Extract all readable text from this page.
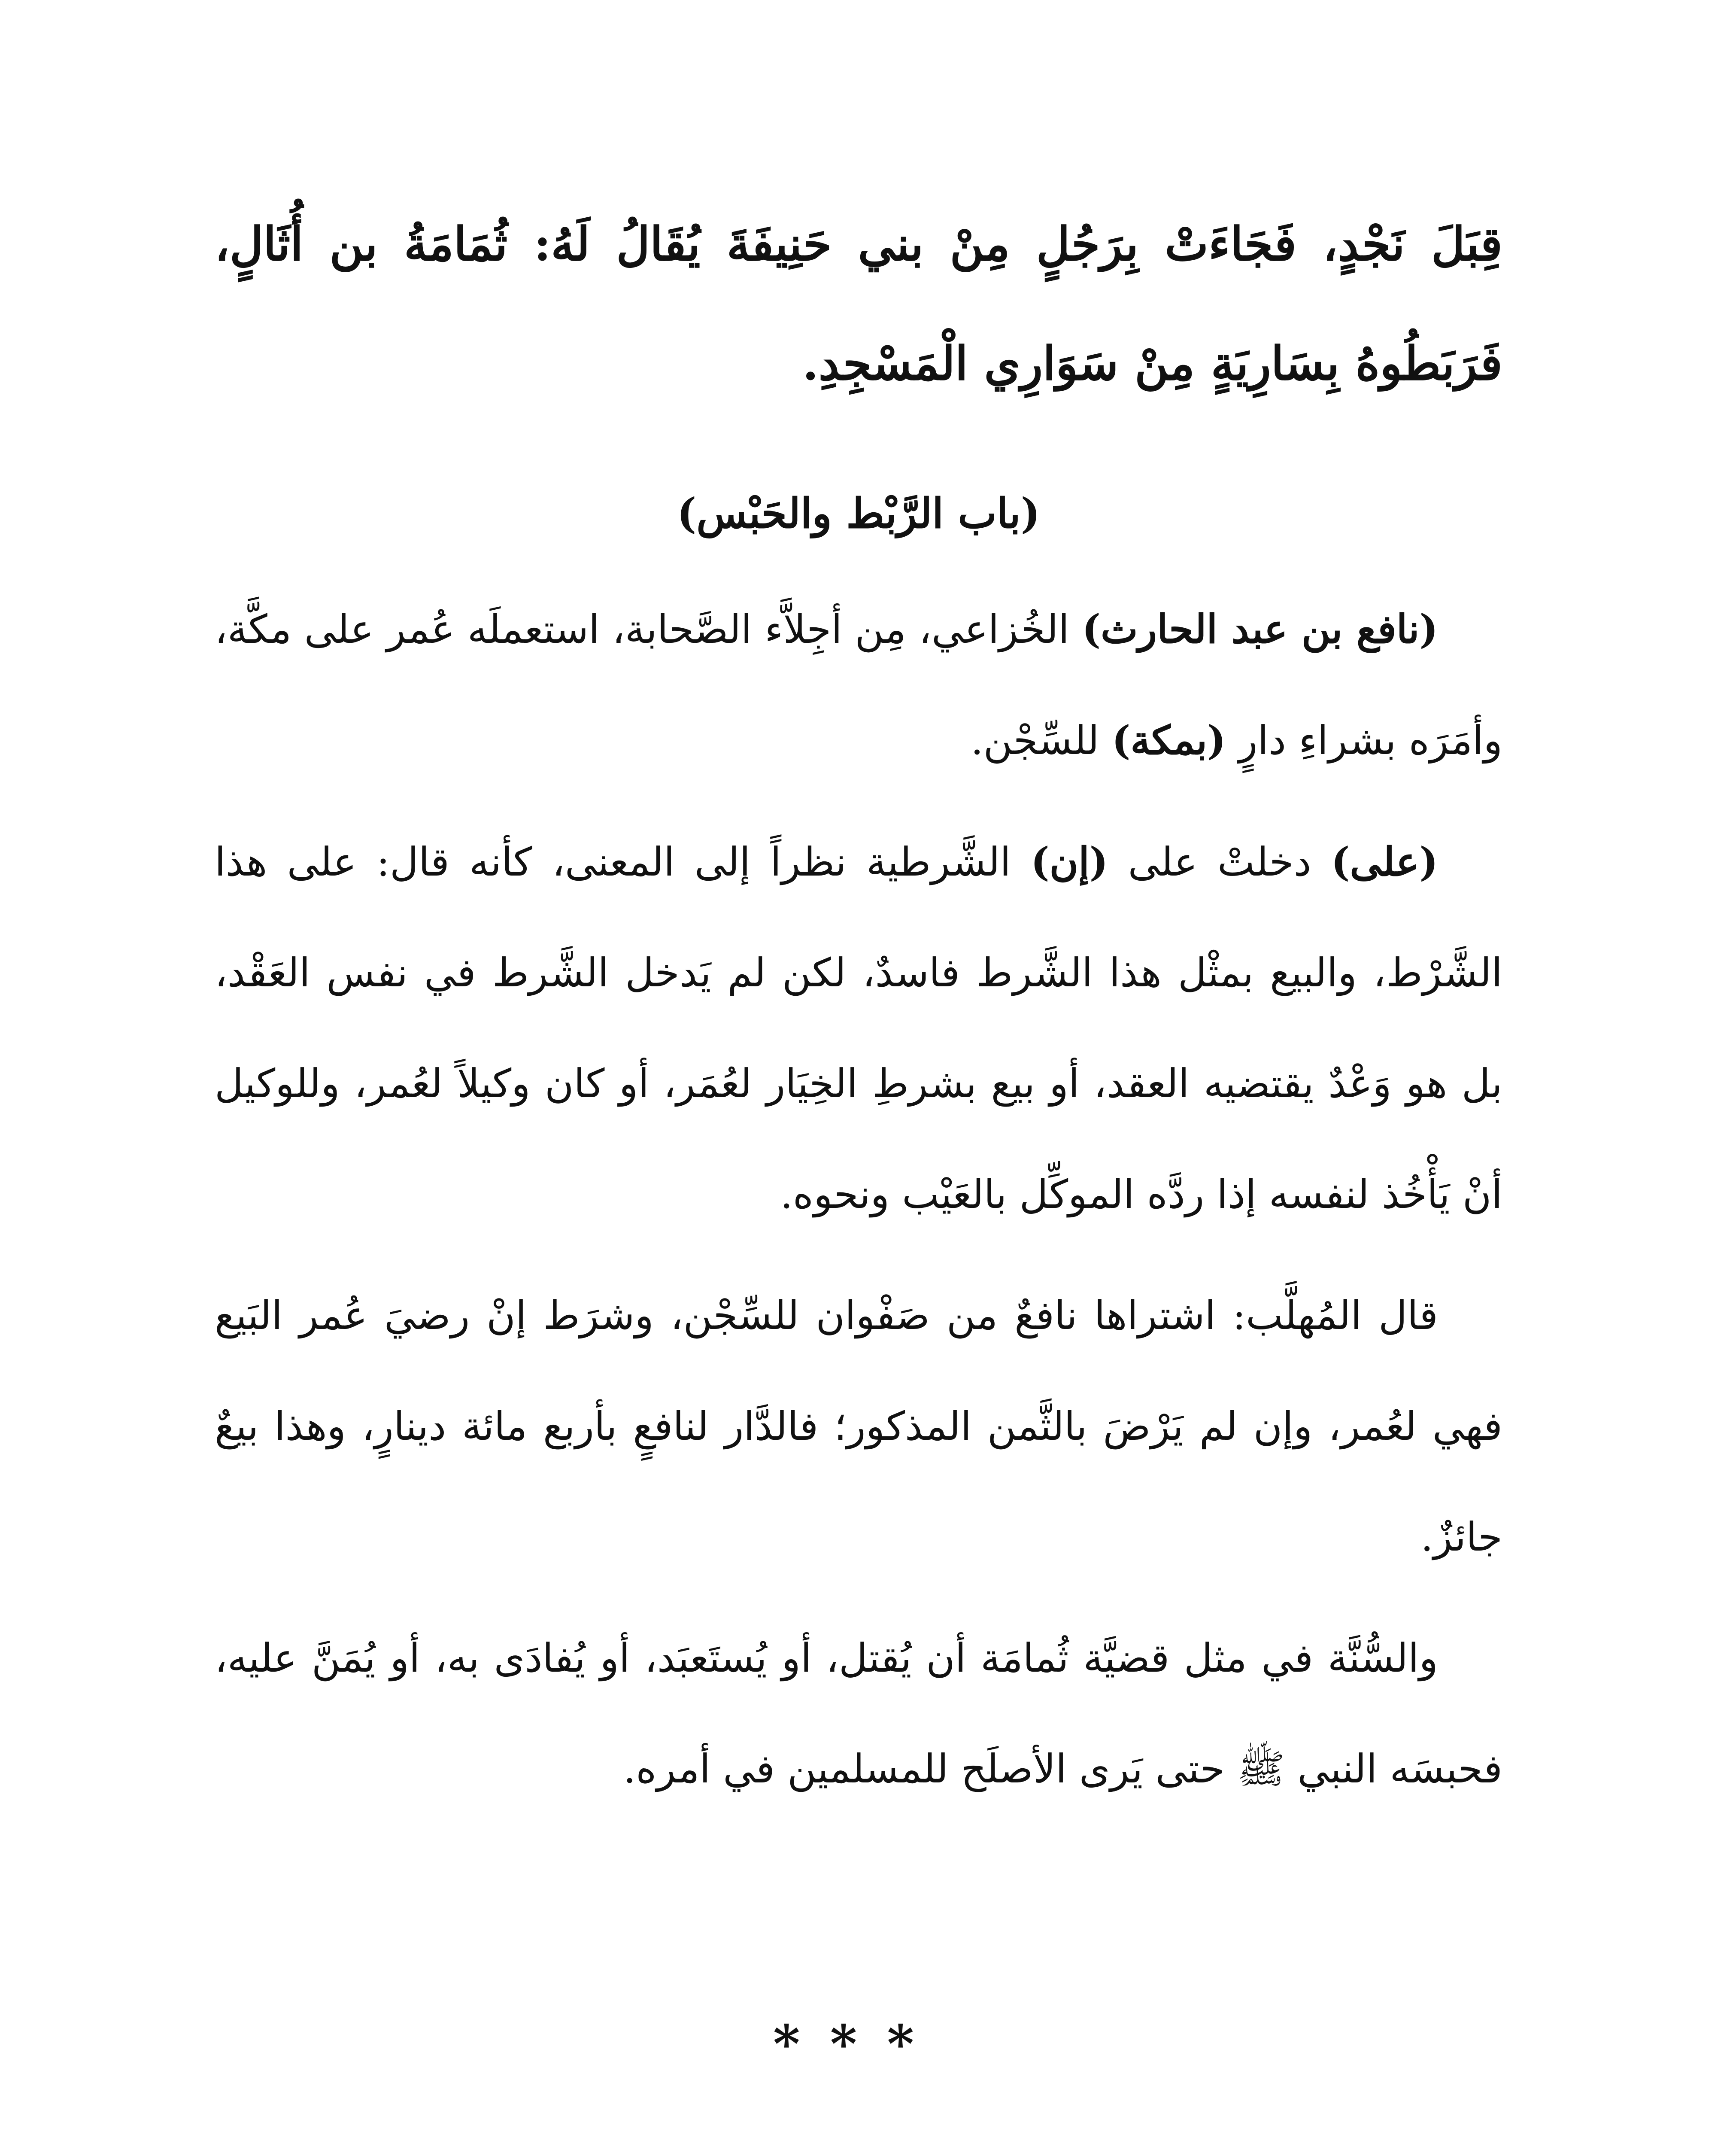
قِبَلَ نَجْدٍ، فَجَاءَتْ بِرَجُلٍ مِنْ بني حَنِيفَةَ يُقَالُ لَهُ: ثُمَامَةُ بن أُثَالٍ، فَرَبَطُوهُ بِسَارِيَةٍ مِنْ سَوَارِي الْمَسْجِدِ.

(باب الرَّبْط والحَبْس)

(نافع بن عبد الحارث) الخُزاعي، مِن أجِلاَّء الصَّحابة، استعملَه عُمر على مكَّة، وأمَرَه بشراءِ دارٍ (بمكة) للسِّجْن.

(على) دخلتْ على (إن) الشَّرطية نظراً إلى المعنى، كأنه قال: على هذا الشَّرْط، والبيع بمثْل هذا الشَّرط فاسدٌ، لكن لم يَدخل الشَّرط في نفس العَقْد، بل هو وَعْدٌ يقتضيه العقد، أو بيع بشرطِ الخِيَار لعُمَر، أو كان وكيلاً لعُمر، وللوكيل أنْ يَأْخُذ لنفسه إذا ردَّه الموكِّل بالعَيْب ونحوه.

قال المُهلَّب: اشتراها نافعٌ من صَفْوان للسِّجْن، وشرَط إنْ رضيَ عُمر البَيع فهي لعُمر، وإن لم يَرْضَ بالثَّمن المذكور؛ فالدَّار لنافعٍ بأربع مائة دينارٍ، وهذا بيعٌ جائزٌ.

والسُّنَّة في مثل قضيَّة ثُمامَة أن يُقتل، أو يُستَعبَد، أو يُفادَى به، أو يُمَنَّ عليه، فحبسَه النبي ﷺ حتى يَرى الأصلَح للمسلمين في أمره.

***
